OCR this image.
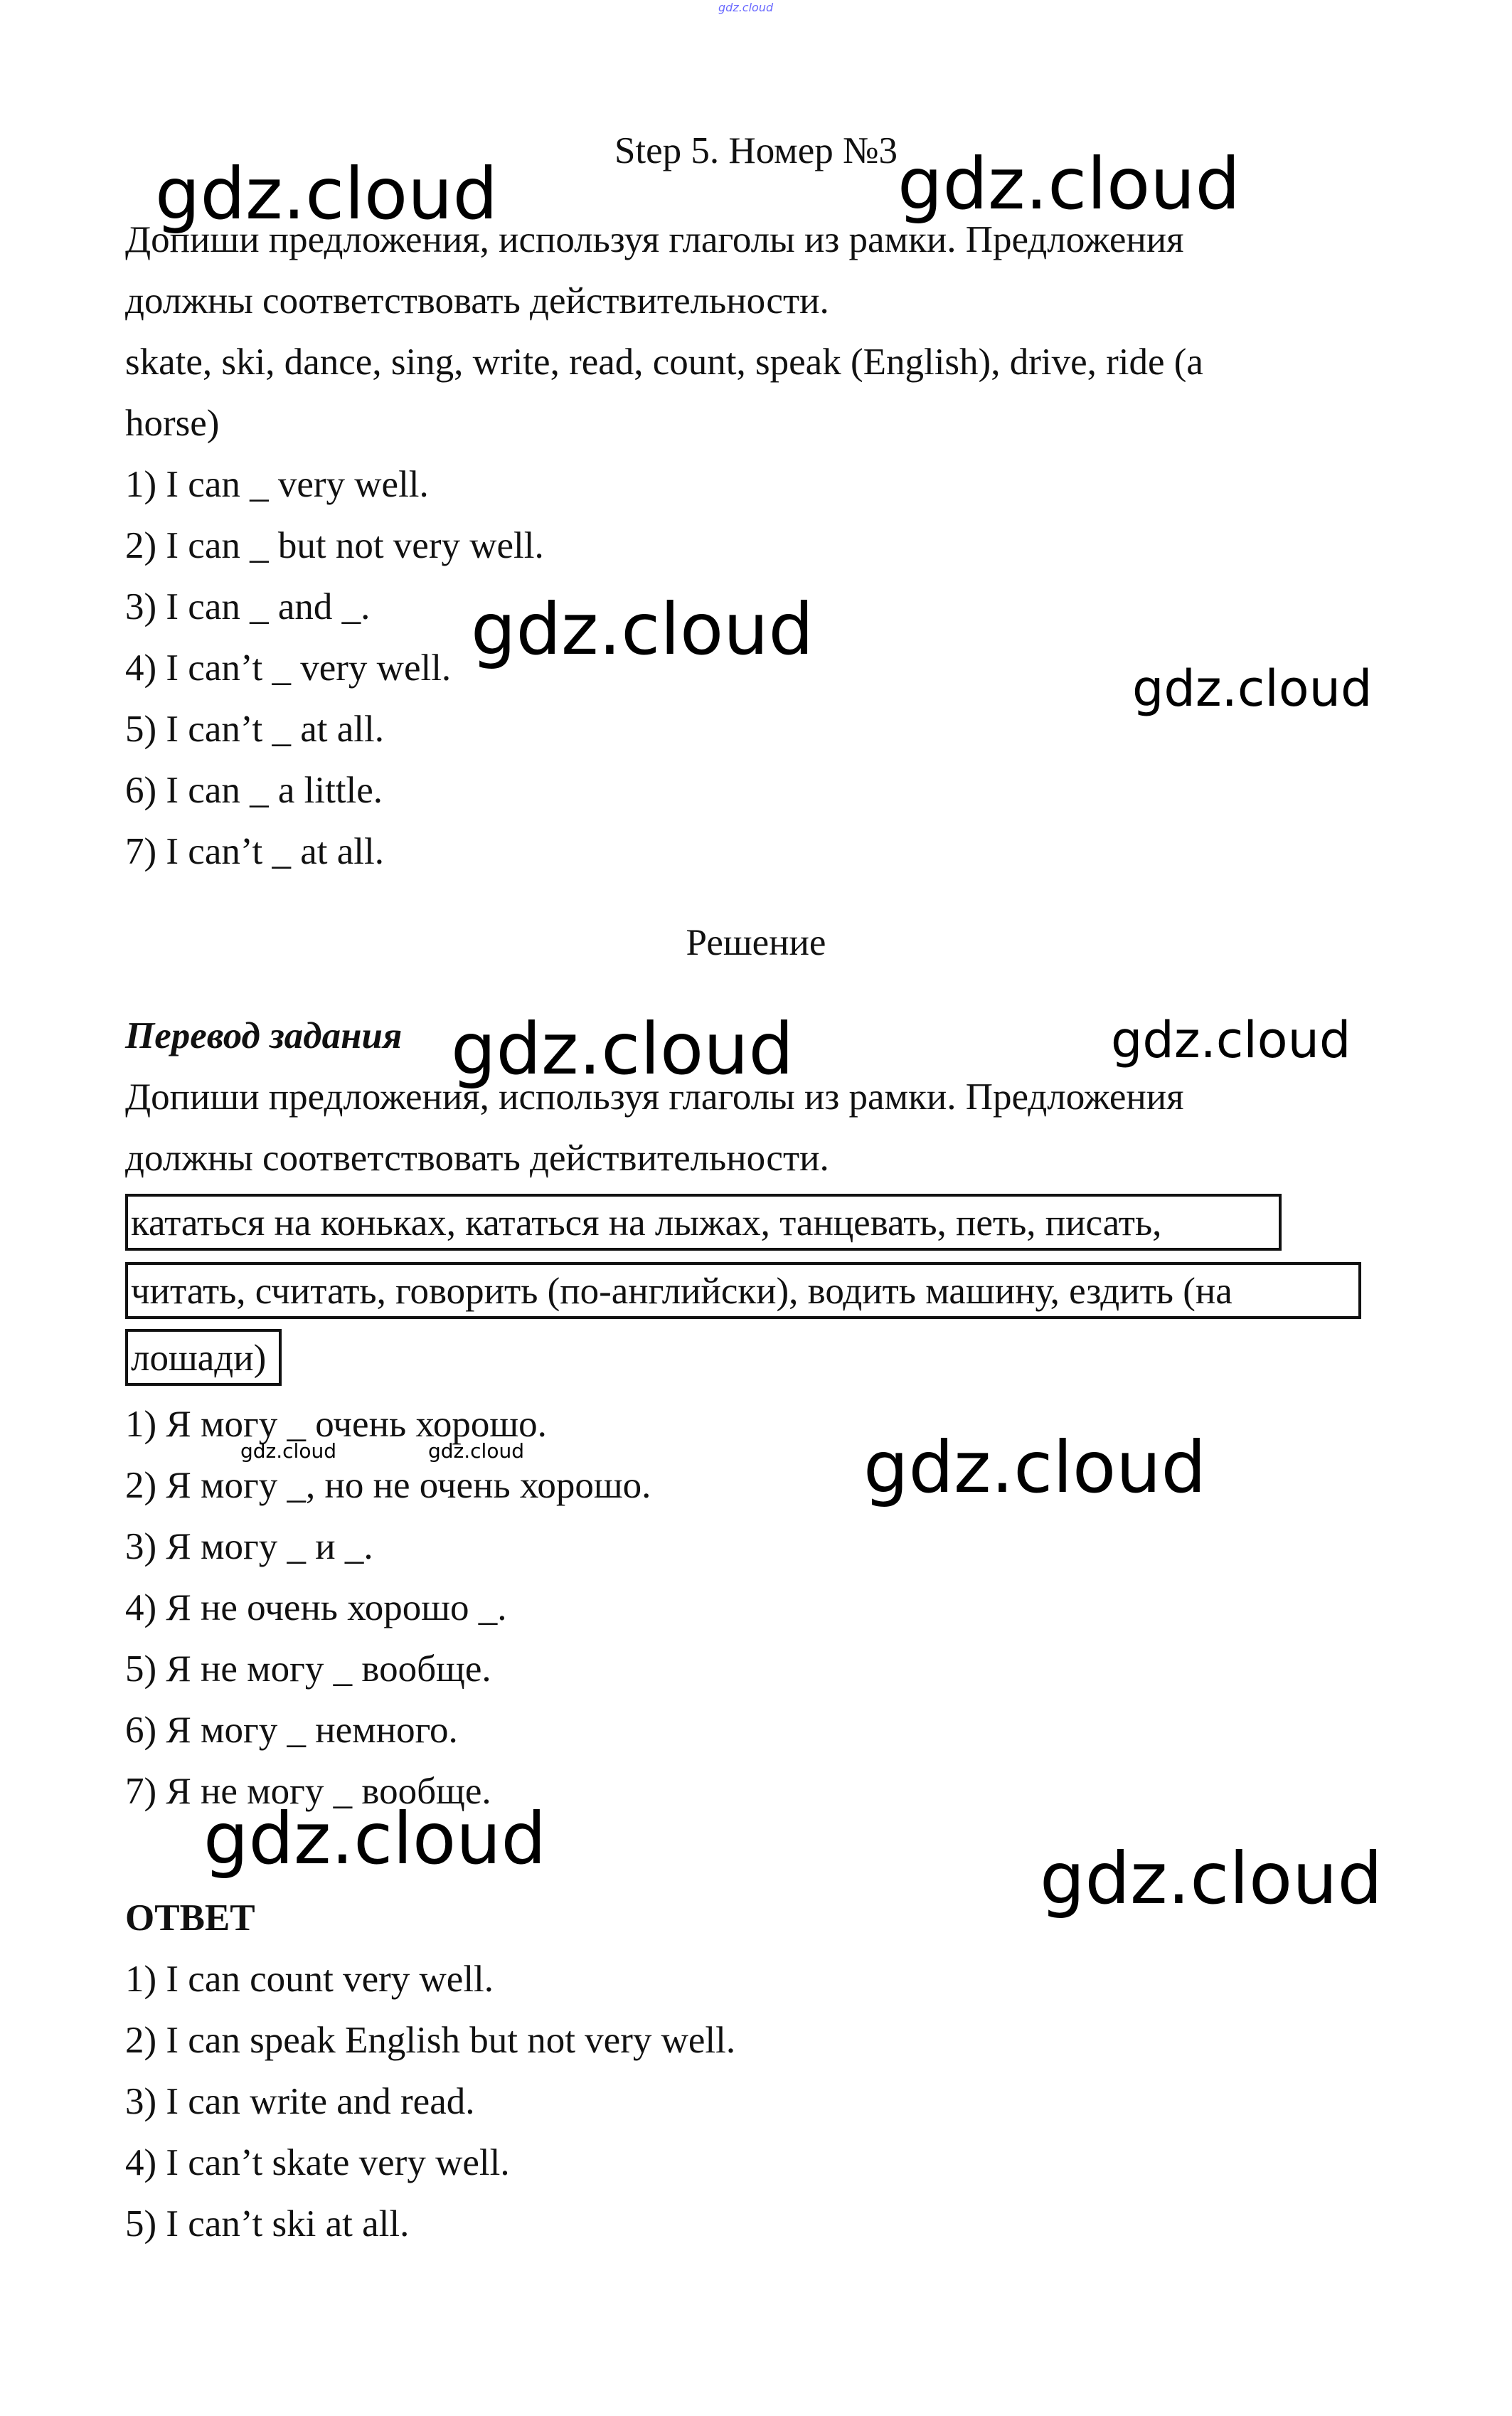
gdz.cloud
Step 5. Номер №3
Допиши предложения, используя глаголы из рамки. Предложения
должны соответствовать действительности.
skate, ski, dance, sing, write, read, count, speak (English), drive, ride (a
horse)
1) I can _ very well.
2) I can _ but not very well.
3) I can _ and _.
4) I can’t _ very well.
5) I can’t _ at all.
6) I can _ a little.
7) I can’t _ at all.
Решение
Перевод задания
Допиши предложения, используя глаголы из рамки. Предложения
должны соответствовать действительности.
кататься на коньках, кататься на лыжах, танцевать, петь, писать,
читать, считать, говорить (по-английски), водить машину, ездить (на
лошади)
1) Я могу _ очень хорошо.
2) Я могу _, но не очень хорошо.
3) Я могу _ и _.
4) Я не очень хорошо _.
5) Я не могу _ вообще.
6) Я могу _ немного.
7) Я не могу _ вообще.
ОТВЕТ
1) I can count very well.
2) I can speak English but not very well.
3) I can write and read.
4) I can’t skate very well.
5) I can’t ski at all.
gdz.cloud	gdz.cloud
gdz.cloud
gdz.cloud
gdz.cloud	gdz.cloud
gdz.cloud	gdz.cloud	gdz.cloud
gdz.cloud	gdz.cloud
